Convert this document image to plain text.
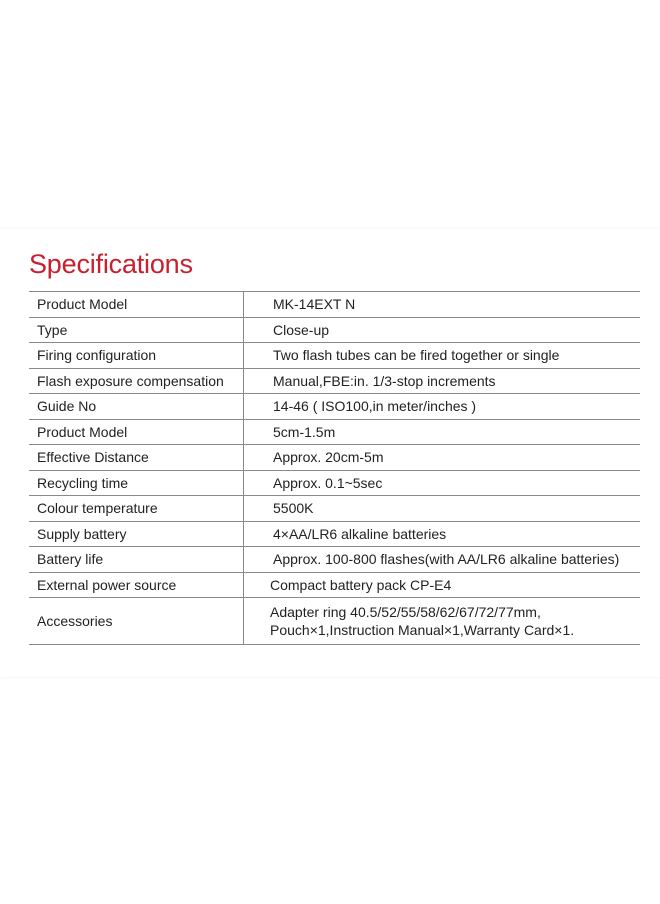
Specifications
Product Model	MK-14EXT N
Type	Close-up
Firing configuration	Two flash tubes can be fired together or single
Flash exposure compensation	Manual,FBE:in. 1/3-stop increments
Guide No	14-46 ( ISO100,in meter/inches )
Product Model	5cm-1.5m
Effective Distance	Approx. 20cm-5m
Recycling time	Approx. 0.1~5sec
Colour temperature	5500K
Supply battery	4×AA/LR6 alkaline batteries
Battery life	Approx. 100-800 flashes(with AA/LR6 alkaline batteries)
External power source	Compact battery pack CP-E4
Accessories	Adapter ring 40.5/52/55/58/62/67/72/77mm,
Pouch×1,Instruction Manual×1,Warranty Card×1.
